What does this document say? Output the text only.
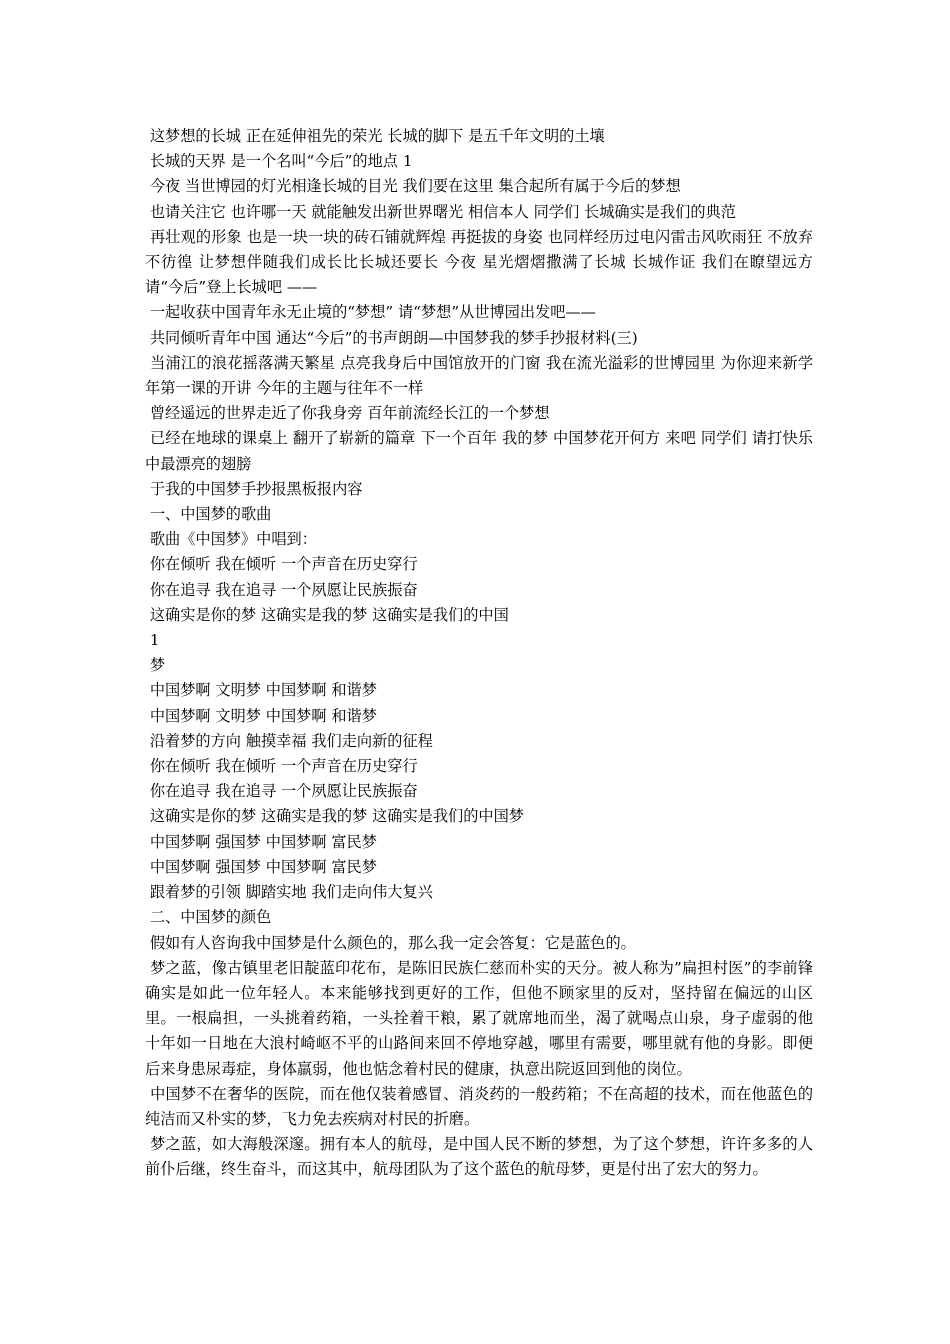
这梦想的长城 正在延伸祖先的荣光 长城的脚下 是五千年文明的土壤

长城的天界 是一个名叫“今后”的地点 1

今夜 当世博园的灯光相逢长城的目光 我们要在这里 集合起所有属于今后的梦想

也请关注它 也许哪一天 就能触发出新世界曙光 相信本人 同学们 长城确实是我们的典范

再壮观的形象 也是一块一块的砖石铺就辉煌 再挺拔的身姿 也同样经历过电闪雷击风吹雨狂 不放弃不彷徨 让梦想伴随我们成长比长城还要长 今夜 星光熠熠撒满了长城 长城作证 我们在瞭望远方 请“今后”登上长城吧 ——

一起收获中国青年永无止境的“梦想” 请“梦想”从世博园出发吧——

共同倾听青年中国 通达“今后”的书声朗朗—中国梦我的梦手抄报材料(三)

当浦江的浪花摇落满天繁星 点亮我身后中国馆放开的门窗 我在流光溢彩的世博园里 为你迎来新学年第一课的开讲 今年的主题与往年不一样

曾经遥远的世界走近了你我身旁 百年前流经长江的一个梦想

已经在地球的课桌上 翻开了崭新的篇章 下一个百年 我的梦 中国梦花开何方 来吧 同学们 请打快乐中最漂亮的翅膀

于我的中国梦手抄报黑板报内容

一、中国梦的歌曲

歌曲《中国梦》中唱到：

你在倾听 我在倾听 一个声音在历史穿行

你在追寻 我在追寻 一个夙愿让民族振奋

这确实是你的梦 这确实是我的梦 这确实是我们的中国

1

梦

中国梦啊 文明梦 中国梦啊 和谐梦

中国梦啊 文明梦 中国梦啊 和谐梦

沿着梦的方向 触摸幸福 我们走向新的征程

你在倾听 我在倾听 一个声音在历史穿行

你在追寻 我在追寻 一个夙愿让民族振奋

这确实是你的梦 这确实是我的梦 这确实是我们的中国梦

中国梦啊 强国梦 中国梦啊 富民梦

中国梦啊 强国梦 中国梦啊 富民梦

跟着梦的引领 脚踏实地 我们走向伟大复兴

二、中国梦的颜色

假如有人咨询我中国梦是什么颜色的，那么我一定会答复：它是蓝色的。

梦之蓝，像古镇里老旧靛蓝印花布，是陈旧民族仁慈而朴实的天分。被人称为”扁担村医”的李前锋确实是如此一位年轻人。本来能够找到更好的工作，但他不顾家里的反对，坚持留在偏远的山区里。一根扁担，一头挑着药箱，一头拴着干粮，累了就席地而坐，渴了就喝点山泉，身子虚弱的他十年如一日地在大浪村崎岖不平的山路间来回不停地穿越，哪里有需要，哪里就有他的身影。即便后来身患尿毒症，身体羸弱，他也惦念着村民的健康，执意出院返回到他的岗位。

中国梦不在奢华的医院，而在他仅装着感冒、消炎药的一般药箱；不在高超的技术，而在他蓝色的纯洁而又朴实的梦，飞力免去疾病对村民的折磨。

梦之蓝，如大海般深邃。拥有本人的航母，是中国人民不断的梦想，为了这个梦想，许许多多的人前仆后继，终生奋斗，而这其中，航母团队为了这个蓝色的航母梦，更是付出了宏大的努力。
